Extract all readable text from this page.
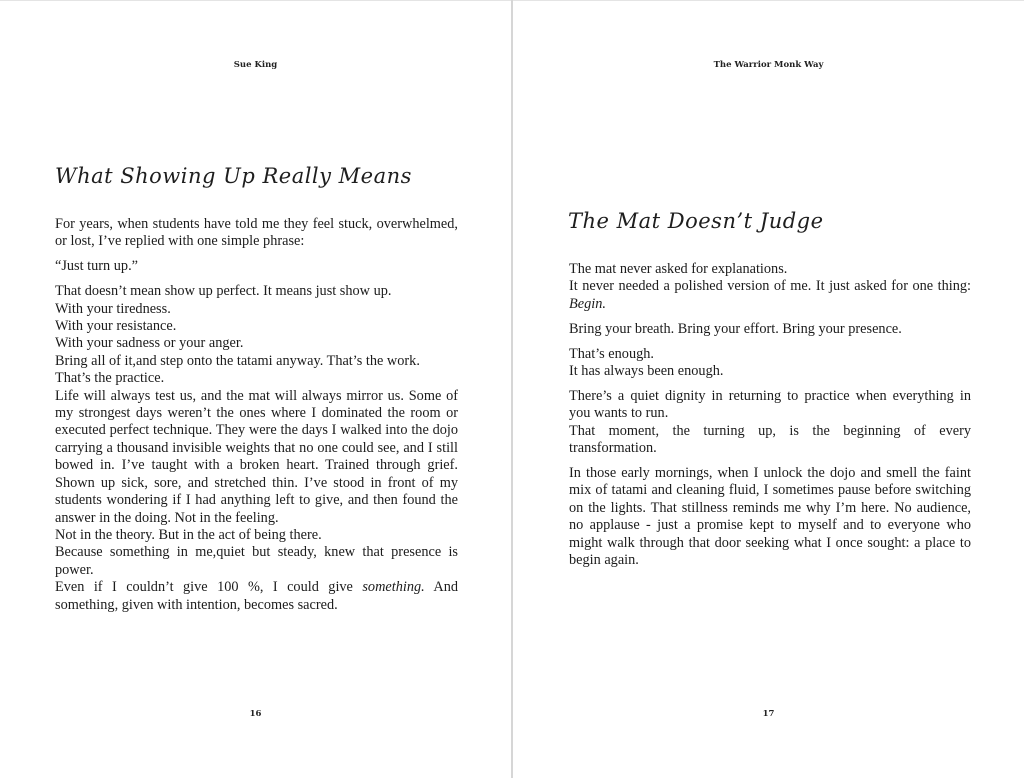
Sue King
What Showing Up Really Means

For years, when students have told me they feel stuck, overwhelmed, or lost, I’ve replied with one simple phrase:

“Just turn up.”

That doesn’t mean show up perfect. It means just show up.
With your tiredness.
With your resistance.
With your sadness or your anger.
Bring all of it,and step onto the tatami anyway. That’s the work.
That’s the practice.
Life will always test us, and the mat will always mirror us. Some of my strongest days weren’t the ones where I dominated the room or executed perfect technique. They were the days I walked into the dojo carrying a thousand invisible weights that no one could see, and I still bowed in. I’ve taught with a broken heart. Trained through grief. Shown up sick, sore, and stretched thin. I’ve stood in front of my students wondering if I had anything left to give, and then found the answer in the doing. Not in the feeling.
Not in the theory. But in the act of being there.
Because something in me,quiet but steady, knew that presence is power.
Even if I couldn’t give 100 %, I could give something. And something, given with intention, becomes sacred.

16
The Warrior Monk Way
The Mat Doesn’t Judge

The mat never asked for explanations.
It never needed a polished version of me. It just asked for one thing: Begin.

Bring your breath. Bring your effort. Bring your presence.

That’s enough.
It has always been enough.

There’s a quiet dignity in returning to practice when everything in you wants to run.
That moment, the turning up, is the beginning of every transformation.

In those early mornings, when I unlock the dojo and smell the faint mix of tatami and cleaning fluid, I sometimes pause before switching on the lights. That stillness reminds me why I’m here. No audience, no applause - just a promise kept to myself and to everyone who might walk through that door seeking what I once sought: a place to begin again.

17
